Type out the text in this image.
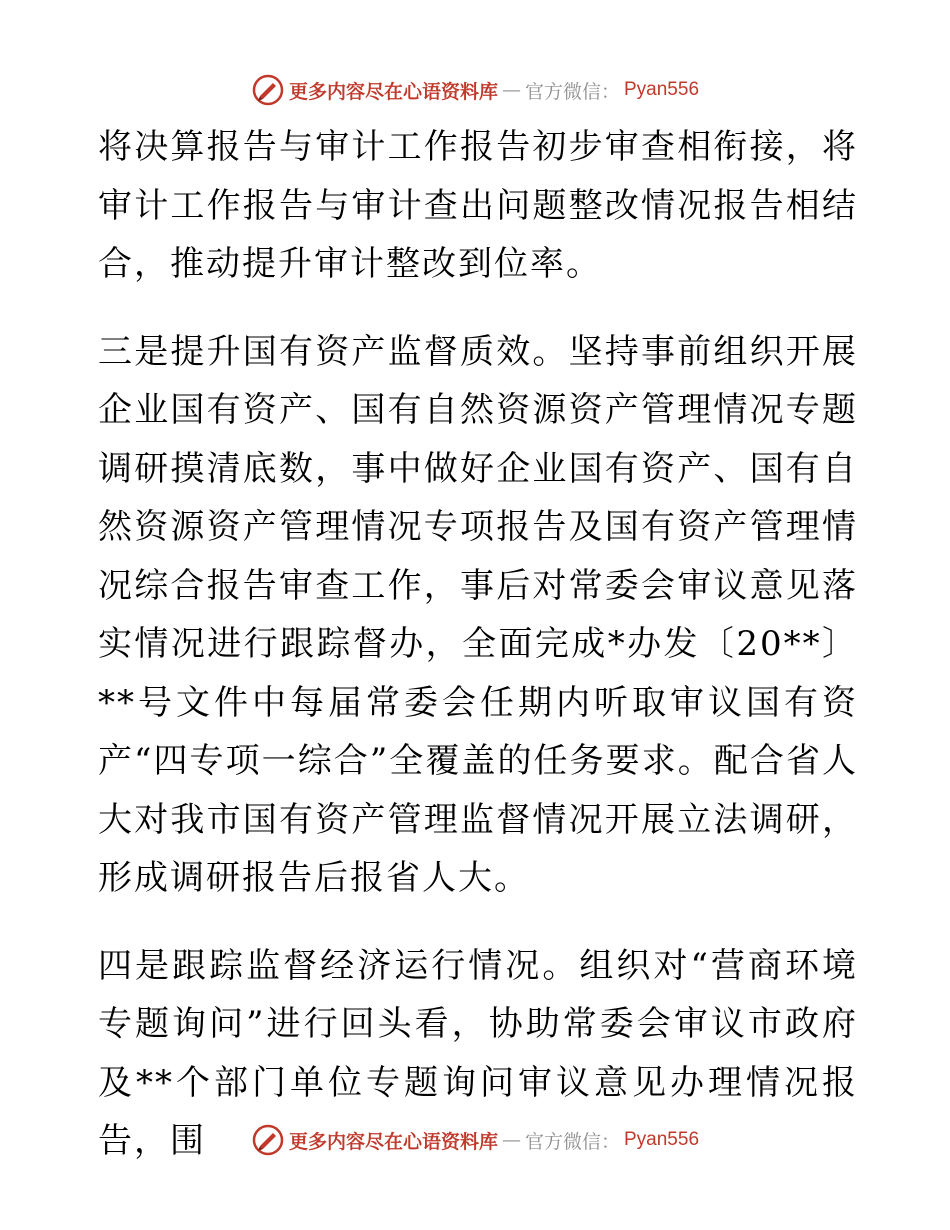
更多内容尽在心语资料库 — 官方微信： Pyan556

将决算报告与审计工作报告初步审查相衔接，将审计工作报告与审计查出问题整改情况报告相结合，推动提升审计整改到位率。

三是提升国有资产监督质效。坚持事前组织开展企业国有资产、国有自然资源资产管理情况专题调研摸清底数，事中做好企业国有资产、国有自然资源资产管理情况专项报告及国有资产管理情况综合报告审查工作，事后对常委会审议意见落实情况进行跟踪督办，全面完成*办发〔20**〕**号文件中每届常委会任期内听取审议国有资产“四专项一综合”全覆盖的任务要求。配合省人大对我市国有资产管理监督情况开展立法调研，形成调研报告后报省人大。

四是跟踪监督经济运行情况。组织对“营商环境专题询问”进行回头看，协助常委会审议市政府及**个部门单位专题询问审议意见办理情况报告，围	更多内容尽在心语资料库 — 官方微信： Pyan556
